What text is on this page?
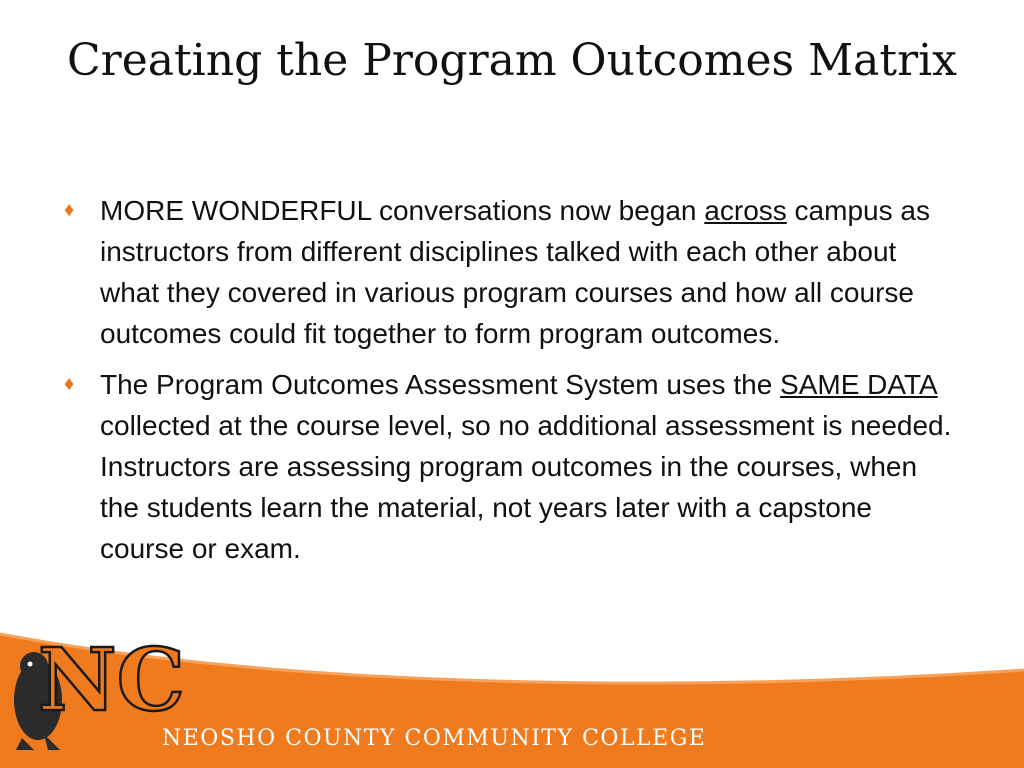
Creating the Program Outcomes Matrix
♦ MORE WONDERFUL conversations now began across campus as instructors from different disciplines talked with each other about what they covered in various program courses and how all course outcomes could fit together to form program outcomes.
♦ The Program Outcomes Assessment System uses the SAME DATA collected at the course level, so no additional assessment is needed. Instructors are assessing program outcomes in the courses, when the students learn the material, not years later with a capstone course or exam.
NC
NEOSHO COUNTY COMMUNITY COLLEGE
